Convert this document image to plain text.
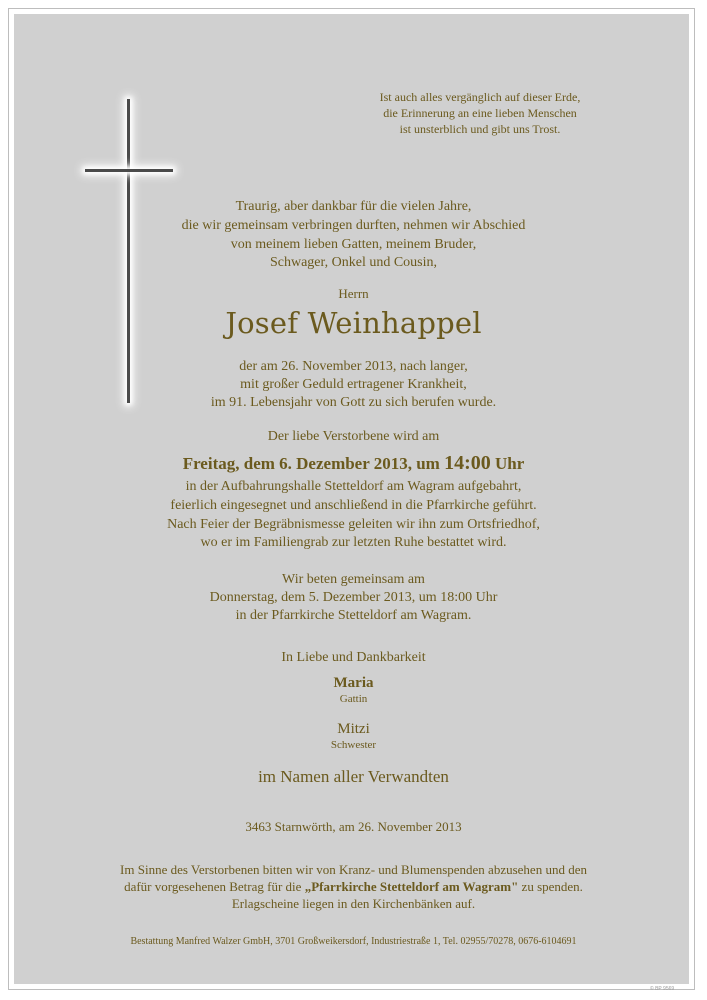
Ist auch alles vergänglich auf dieser Erde,

die Erinnerung an eine lieben Menschen

ist unsterblich und gibt uns Trost.

Traurig, aber dankbar für die vielen Jahre,

die wir gemeinsam verbringen durften, nehmen wir Abschied

von meinem lieben Gatten, meinem Bruder,

Schwager, Onkel und Cousin,

Herrn

Josef Weinhappel

der am 26. November 2013, nach langer,

mit großer Geduld ertragener Krankheit,

im 91. Lebensjahr von Gott zu sich berufen wurde.

Der liebe Verstorbene wird am

Freitag, dem 6. Dezember 2013, um 14:00 Uhr

in der Aufbahrungshalle Stetteldorf am Wagram aufgebahrt,

feierlich eingesegnet und anschließend in die Pfarrkirche geführt.

Nach Feier der Begräbnismesse geleiten wir ihn zum Ortsfriedhof,

wo er im Familiengrab zur letzten Ruhe bestattet wird.

Wir beten gemeinsam am

Donnerstag, dem 5. Dezember 2013, um 18:00 Uhr

in der Pfarrkirche Stetteldorf am Wagram.

In Liebe und Dankbarkeit

Maria

Gattin

Mitzi

Schwester

im Namen aller Verwandten

3463 Starnwörth, am 26. November 2013

Im Sinne des Verstorbenen bitten wir von Kranz- und Blumenspenden abzusehen und den

dafür vorgesehenen Betrag für die „Pfarrkirche Stetteldorf am Wagram" zu spenden.

Erlagscheine liegen in den Kirchenbänken auf.

Bestattung Manfred Walzer GmbH, 3701 Großweikersdorf, Industriestraße 1, Tel. 02955/70278, 0676-6104691

© BP 9569
